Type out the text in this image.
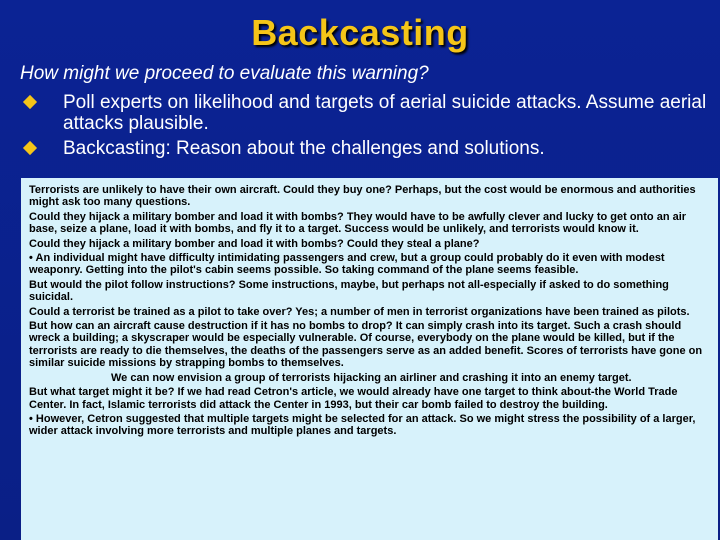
Backcasting
How might we proceed to evaluate this warning?
Poll experts on likelihood and targets of aerial suicide attacks. Assume aerial attacks plausible.
Backcasting: Reason about the challenges and solutions.

Terrorists are unlikely to have their own aircraft. Could they buy one? Perhaps, but the cost would be enormous and authorities might ask too many questions.

Could they hijack a military bomber and load it with bombs? They would have to be awfully clever and lucky to get onto an air base, seize a plane, load it with bombs, and fly it to a target. Success would be unlikely, and terrorists would know it.

Could they hijack a military bomber and load it with bombs? Could they steal a plane?

• An individual might have difficulty intimidating passengers and crew, but a group could probably do it even with modest weaponry. Getting into the pilot's cabin seems possible. So taking command of the plane seems feasible.

But would the pilot follow instructions? Some instructions, maybe, but perhaps not all-especially if asked to do something suicidal.

Could a terrorist be trained as a pilot to take over? Yes; a number of men in terrorist organizations have been trained as pilots.

But how can an aircraft cause destruction if it has no bombs to drop? It can simply crash into its target. Such a crash should wreck a building; a skyscraper would be especially vulnerable. Of course, everybody on the plane would be killed, but if the terrorists are ready to die themselves, the deaths of the passengers serve as an added benefit. Scores of terrorists have gone on similar suicide missions by strapping bombs to themselves.

We can now envision a group of terrorists hijacking an airliner and crashing it into an enemy target.

But what target might it be? If we had read Cetron's article, we would already have one target to think about-the World Trade Center. In fact, Islamic terrorists did attack the Center in 1993, but their car bomb failed to destroy the building.

• However, Cetron suggested that multiple targets might be selected for an attack. So we might stress the possibility of a larger, wider attack involving more terrorists and multiple planes and targets.
